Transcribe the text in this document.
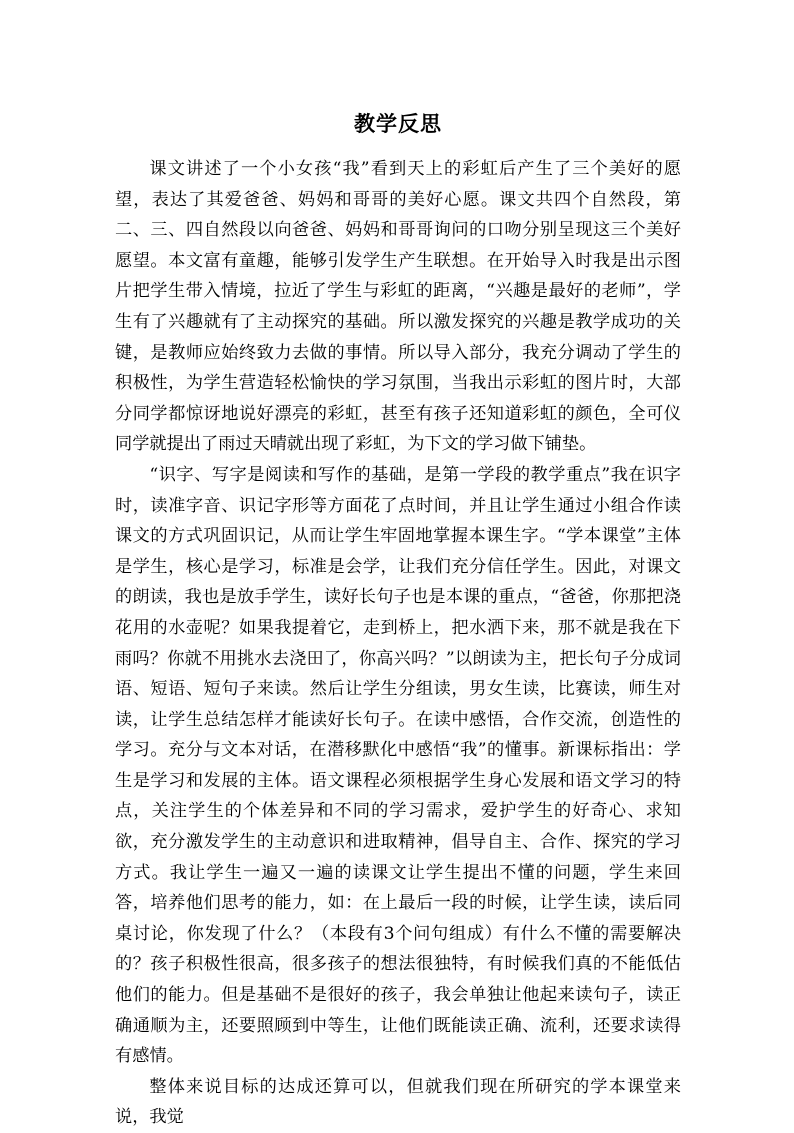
教学反思

课文讲述了一个小女孩“我”看到天上的彩虹后产生了三个美好的愿望，表达了其爱爸爸、妈妈和哥哥的美好心愿。课文共四个自然段，第二、三、四自然段以向爸爸、妈妈和哥哥询问的口吻分别呈现这三个美好愿望。本文富有童趣，能够引发学生产生联想。在开始导入时我是出示图片把学生带入情境，拉近了学生与彩虹的距离，“兴趣是最好的老师”，学生有了兴趣就有了主动探究的基础。所以激发探究的兴趣是教学成功的关键，是教师应始终致力去做的事情。所以导入部分，我充分调动了学生的积极性，为学生营造轻松愉快的学习氛围，当我出示彩虹的图片时，大部分同学都惊讶地说好漂亮的彩虹，甚至有孩子还知道彩虹的颜色，全可仪同学就提出了雨过天晴就出现了彩虹，为下文的学习做下铺垫。

“识字、写字是阅读和写作的基础，是第一学段的教学重点”我在识字时，读准字音、识记字形等方面花了点时间，并且让学生通过小组合作读课文的方式巩固识记，从而让学生牢固地掌握本课生字。“学本课堂”主体是学生，核心是学习，标准是会学，让我们充分信任学生。因此，对课文的朗读，我也是放手学生，读好长句子也是本课的重点，“爸爸，你那把浇花用的水壶呢？如果我提着它，走到桥上，把水洒下来，那不就是我在下雨吗？你就不用挑水去浇田了，你高兴吗？”以朗读为主，把长句子分成词语、短语、短句子来读。然后让学生分组读，男女生读，比赛读，师生对读，让学生总结怎样才能读好长句子。在读中感悟，合作交流，创造性的学习。充分与文本对话，在潜移默化中感悟“我”的懂事。新课标指出：学生是学习和发展的主体。语文课程必须根据学生身心发展和语文学习的特点，关注学生的个体差异和不同的学习需求，爱护学生的好奇心、求知欲，充分激发学生的主动意识和进取精神，倡导自主、合作、探究的学习方式。我让学生一遍又一遍的读课文让学生提出不懂的问题，学生来回答，培养他们思考的能力，如：在上最后一段的时候，让学生读，读后同桌讨论，你发现了什么？（本段有3个问句组成）有什么不懂的需要解决的？孩子积极性很高，很多孩子的想法很独特，有时候我们真的不能低估他们的能力。但是基础不是很好的孩子，我会单独让他起来读句子，读正确通顺为主，还要照顾到中等生，让他们既能读正确、流利，还要求读得有感情。

整体来说目标的达成还算可以，但就我们现在所研究的学本课堂来说，我觉
